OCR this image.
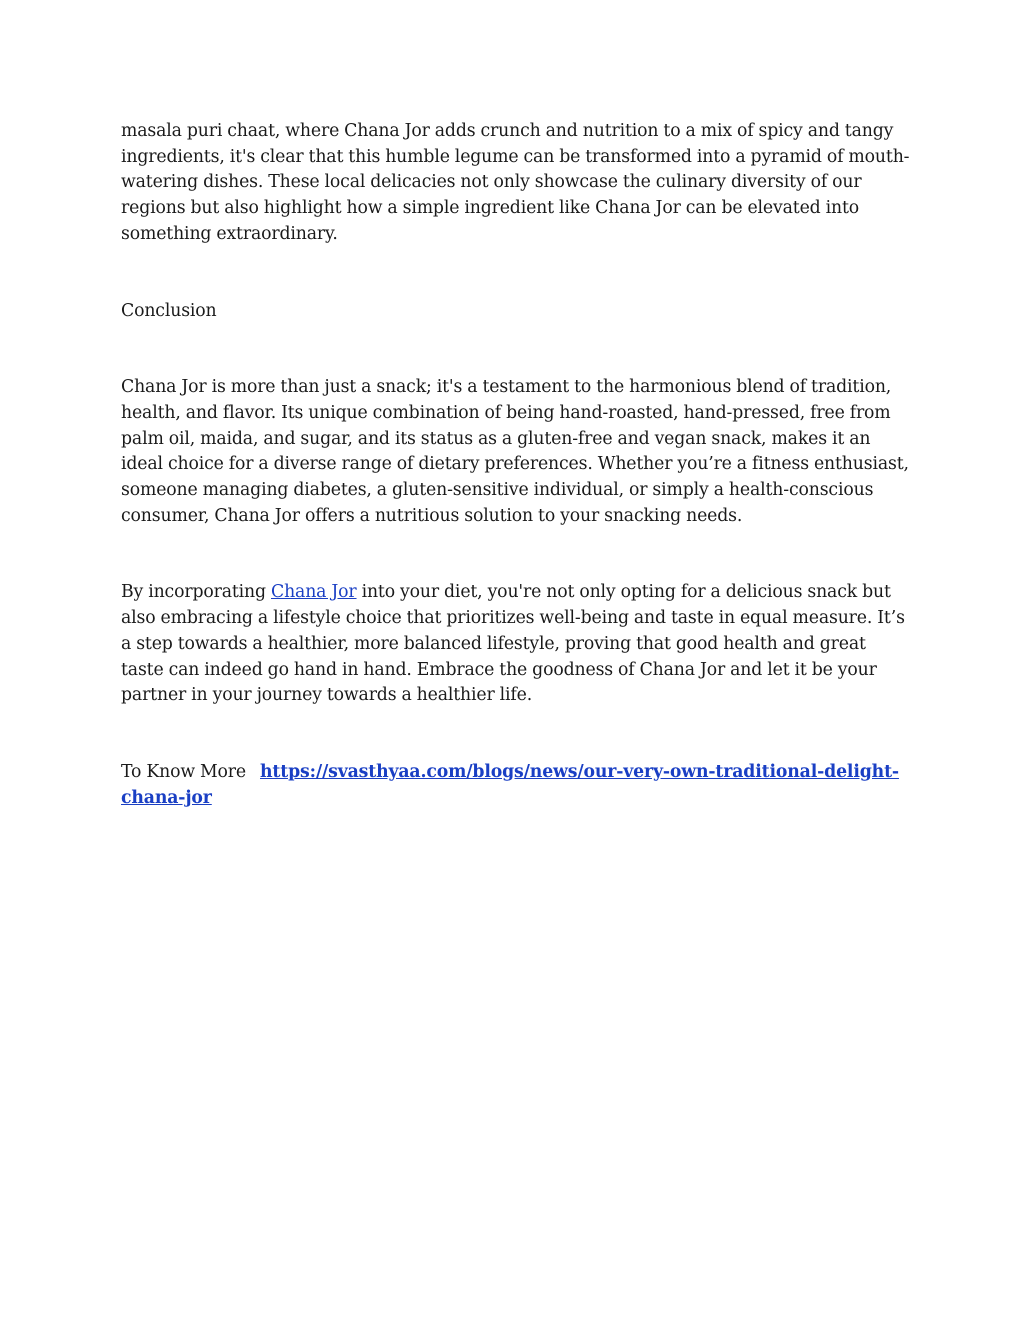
masala puri chaat, where Chana Jor adds crunch and nutrition to a mix of spicy and tangy ingredients, it's clear that this humble legume can be transformed into a pyramid of mouth-watering dishes. These local delicacies not only showcase the culinary diversity of our regions but also highlight how a simple ingredient like Chana Jor can be elevated into something extraordinary.

Conclusion

Chana Jor is more than just a snack; it's a testament to the harmonious blend of tradition, health, and flavor. Its unique combination of being hand-roasted, hand-pressed, free from palm oil, maida, and sugar, and its status as a gluten-free and vegan snack, makes it an ideal choice for a diverse range of dietary preferences. Whether you’re a fitness enthusiast, someone managing diabetes, a gluten-sensitive individual, or simply a health-conscious consumer, Chana Jor offers a nutritious solution to your snacking needs.

By incorporating Chana Jor into your diet, you're not only opting for a delicious snack but also embracing a lifestyle choice that prioritizes well-being and taste in equal measure. It’s a step towards a healthier, more balanced lifestyle, proving that good health and great taste can indeed go hand in hand. Embrace the goodness of Chana Jor and let it be your partner in your journey towards a healthier life.

To Know More https://svasthyaa.com/blogs/news/our-very-own-traditional-delight-chana-jor
